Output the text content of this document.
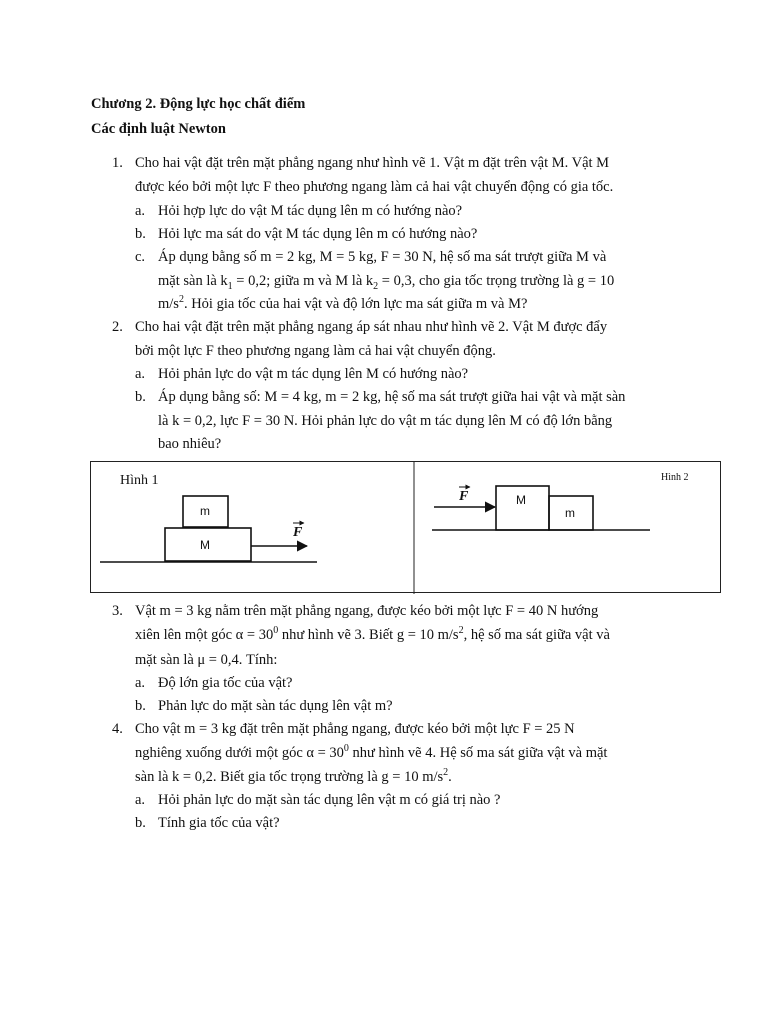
Chương 2. Động lực học chất điểm
Các định luật Newton
1. Cho hai vật đặt trên mặt phẳng ngang như hình vẽ 1. Vật m đặt trên vật M. Vật M
được kéo bởi một lực F theo phương ngang làm cả hai vật chuyển động có gia tốc.
a. Hỏi hợp lực do vật M tác dụng lên m có hướng nào?
b. Hỏi lực ma sát do vật M tác dụng lên m có hướng nào?
c. Áp dụng bằng số m = 2 kg, M = 5 kg, F = 30 N, hệ số ma sát trượt giữa M và
mặt sàn là $k_1 = 0,2$; giữa m và M là $k_2 = 0,3$, cho gia tốc trọng trường là g = 10
$m/s^2$. Hỏi gia tốc của hai vật và độ lớn lực ma sát giữa m và M?
2. Cho hai vật đặt trên mặt phẳng ngang áp sát nhau như hình vẽ 2. Vật M được đẩy
bởi một lực F theo phương ngang làm cả hai vật chuyển động.
a. Hỏi phản lực do vật m tác dụng lên M có hướng nào?
b. Áp dụng bằng số: M = 4 kg, m = 2 kg, hệ số ma sát trượt giữa hai vật và mặt sàn
là k = 0,2, lực F = 30 N. Hỏi phản lực do vật m tác dụng lên M có độ lớn bằng
bao nhiêu?
Hình 1
m
M
F
Hình 2
M
m
F
3. Vật m = 3 kg nằm trên mặt phẳng ngang, được kéo bởi một lực F = 40 N hướng
xiên lên một góc $\alpha = 30^0$ như hình vẽ 3. Biết g = 10 $m/s^2$, hệ số ma sát giữa vật và
mặt sàn là μ = 0,4. Tính:
a. Độ lớn gia tốc của vật?
b. Phản lực do mặt sàn tác dụng lên vật m?
4. Cho vật m = 3 kg đặt trên mặt phẳng ngang, được kéo bởi một lực F = 25 N
nghiêng xuống dưới một góc $\alpha = 30^0$ như hình vẽ 4. Hệ số ma sát giữa vật và mặt
sàn là k = 0,2. Biết gia tốc trọng trường là g = 10 $m/s^2$.
a. Hỏi phản lực do mặt sàn tác dụng lên vật m có giá trị nào ?
b. Tính gia tốc của vật?
